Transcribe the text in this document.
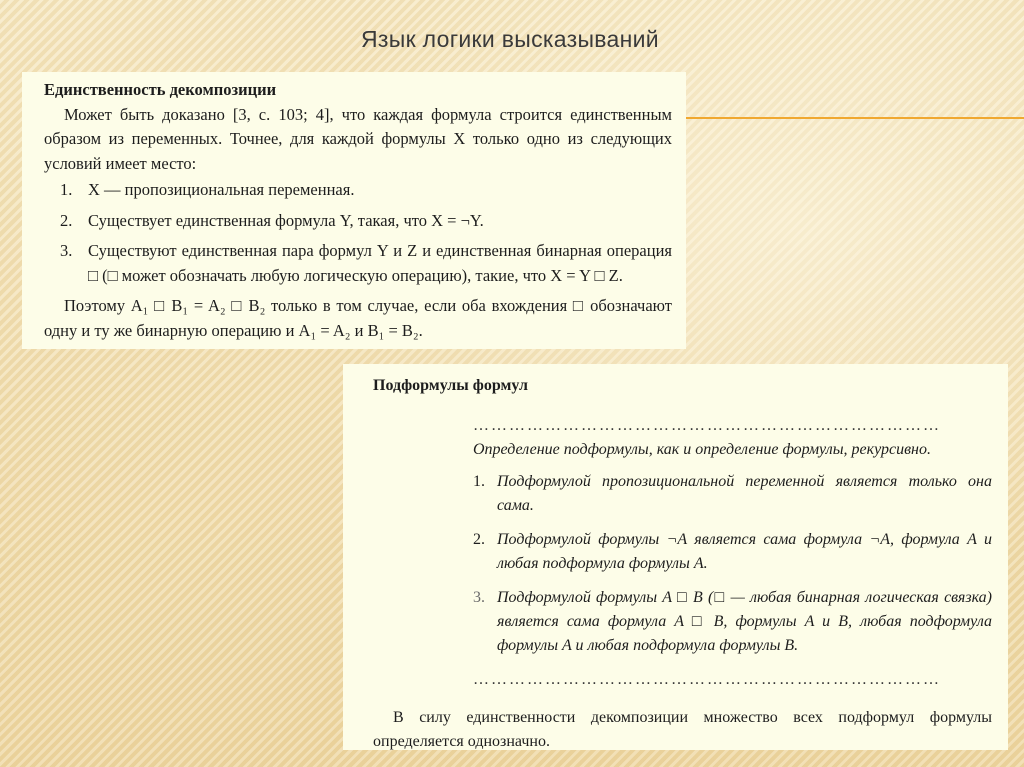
Язык логики высказываний
Единственность декомпозиции
Может быть доказано [3, с. 103; 4], что каждая формула строится единственным образом из переменных. Точнее, для каждой формулы X только одно из следующих условий имеет место:
1. X — пропозициональная переменная.
2. Существует единственная формула Y, такая, что X = ¬Y.
3. Существуют единственная пара формул Y и Z и единственная бинарная операция □ (□ может обозначать любую логическую операцию), такие, что X = Y □ Z.
Поэтому A₁ □ B₁ = A₂ □ B₂ только в том случае, если оба вхождения □ обозначают одну и ту же бинарную операцию и A₁ = A₂ и B₁ = B₂.
Подформулы формул
……………………………………………………………………
Определение подформулы, как и определение формулы, рекурсивно.
1. Подформулой пропозициональной переменной является только она сама.
2. Подформулой формулы ¬A является сама формула ¬A, формула A и любая подформула формулы A.
3. Подформулой формулы A □ B (□ — любая бинарная логическая связка) является сама формула A □ B, формулы A и B, любая подформула формулы A и любая подформула формулы B.
……………………………………………………………………
В силу единственности декомпозиции множество всех подформул формулы определяется однозначно.
